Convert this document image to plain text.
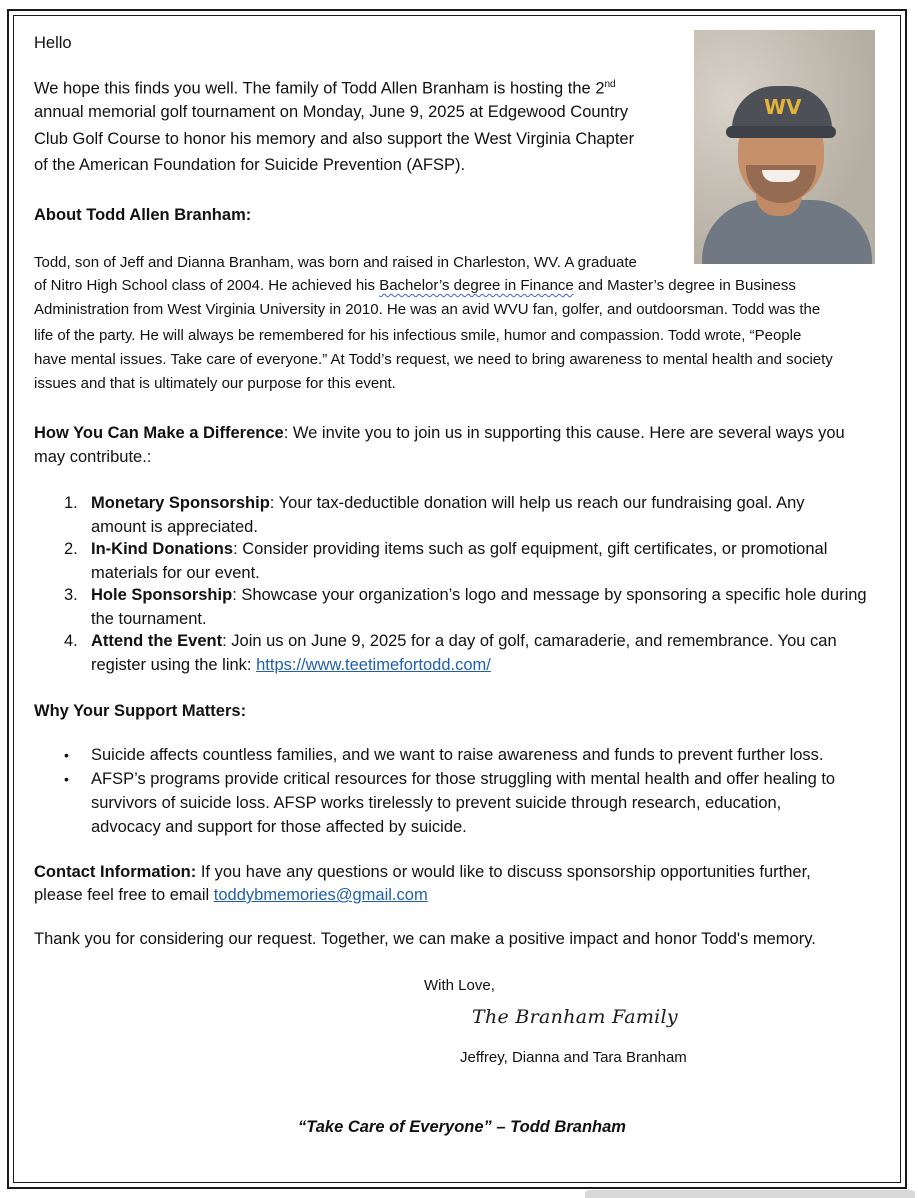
WV
Hello
We hope this finds you well. The family of Todd Allen Branham is hosting the 2nd
annual memorial golf tournament on Monday, June 9, 2025 at Edgewood Country
Club Golf Course to honor his memory and also support the West Virginia Chapter
of the American Foundation for Suicide Prevention (AFSP).
About Todd Allen Branham:
Todd, son of Jeff and Dianna Branham, was born and raised in Charleston, WV. A graduate
of Nitro High School class of 2004. He achieved his Bachelor’s degree in Finance and Master’s degree in Business
Administration from West Virginia University in 2010. He was an avid WVU fan, golfer, and outdoorsman. Todd was the
life of the party. He will always be remembered for his infectious smile, humor and compassion. Todd wrote, “People
have mental issues. Take care of everyone.” At Todd’s request, we need to bring awareness to mental health and society
issues and that is ultimately our purpose for this event.
How You Can Make a Difference: We invite you to join us in supporting this cause. Here are several ways you
may contribute.:
1. Monetary Sponsorship: Your tax-deductible donation will help us reach our fundraising goal. Any
amount is appreciated.
2. In-Kind Donations: Consider providing items such as golf equipment, gift certificates, or promotional
materials for our event.
3. Hole Sponsorship: Showcase your organization’s logo and message by sponsoring a specific hole during
the tournament.
4. Attend the Event: Join us on June 9, 2025 for a day of golf, camaraderie, and remembrance. You can
register using the link: https://www.teetimefortodd.com/
Why Your Support Matters:
• Suicide affects countless families, and we want to raise awareness and funds to prevent further loss.
• AFSP’s programs provide critical resources for those struggling with mental health and offer healing to
survivors of suicide loss. AFSP works tirelessly to prevent suicide through research, education,
advocacy and support for those affected by suicide.
Contact Information: If you have any questions or would like to discuss sponsorship opportunities further,
please feel free to email toddybmemories@gmail.com
Thank you for considering our request. Together, we can make a positive impact and honor Todd's memory.
With Love,
The Branham Family
Jeffrey, Dianna and Tara Branham
“Take Care of Everyone” – Todd Branham
